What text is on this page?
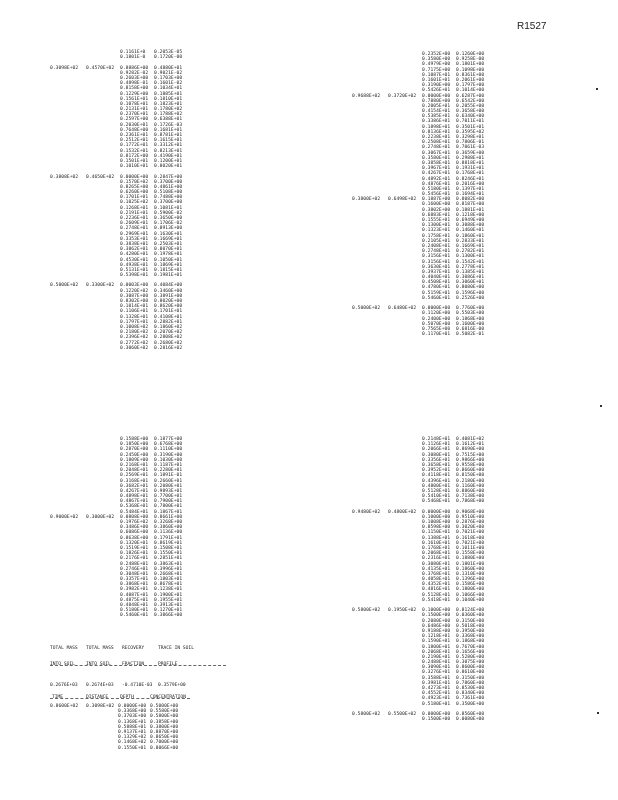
R1527
0.1161E+0	0.2053E-05
0.1801E-0	0.1720E-00
0.3098E+02	0.4570E+02	0.8886E+00	0.4880E+01
0.9282E-02	0.9021E-02
0.2603E+00	0.1703E+00
0.4898E-01	0.1601E-02
0.8158E+00	0.1034E+01
0.1229E+00	0.1885E+01
0.1561E+01	0.1810E+01
0.1078E+01	0.1823E+01
0.2131E+01	0.1780E+02
0.2370E+01	0.1788E+02
0.2597E+00	0.6388E+01
0.2030E+01	0.1726E-03
0.7648E+00	0.1681E+01
0.2361E+01	0.8781E+01
0.2512E+01	0.1615E+01
0.1772E+01	0.3312E+01
0.1532E+01	0.8213E+01
0.8172E+00	0.4190E+01
0.1501E+01	0.1200E+01
0.1010E+01	0.8020E+01
0.3808E+02	0.4650E+02	0.0000E+00	0.2847E+00
0.1570E+02	0.3700E+00
0.8265E+00	0.4861E+00
0.6260E+00	0.5108E+00
0.1701E+01	0.7488E+00
0.1025E+02	0.3700E+00
0.1268E+01	0.1081E+01
0.2191E+01	0.5900E-02
0.2236E+01	0.3650E+00
0.2609E+01	0.1706E-02
0.2748E+01	0.8913E+00
0.2969E+01	0.1630E+01
0.3353E+01	0.1669E+01
0.3838E+01	0.2503E+01
0.3862E+01	0.8070E+01
0.4280E+01	0.1978E+01
0.4530E+01	0.1050E+01
0.4938E+01	0.1869E+01
0.5131E+01	0.1815E+01
0.5398E+01	0.1981E+01
0.5000E+02	0.3300E+02	0.0003E+00	0.4084E+00
0.1220E+02	0.3460E+00
0.3087E+00	0.3891E+00
0.8302E+00	0.8020E+00
0.1014E+01	0.8620E+00
0.1106E+01	0.1701E+01
0.1328E+01	0.4108E+01
0.1797E+01	0.2882E+01
0.1008E+02	0.1860E+02
0.2180E+02	0.2070E+02
0.2396E+02	0.2808E+02
0.2772E+02	0.2680E+02
0.3060E+02	0.2816E+02
0.2352E+00	0.1260E+00
0.3580E+00	0.9258E-00
0.4979E+00	0.1801E+00
0.7175E+00	0.1098E+00
0.1087E+01	0.8361E+00
0.1601E+01	0.2061E+00
0.3190E+00	0.1797E+00
0.5426E+01	0.1014E+00
0.9688E+02	0.3720E+02	0.0000E+00	0.6287E+00
0.7880E+00	0.6542E+00
0.2005E+01	0.2055E+00
0.4154E+01	0.3658E+00
0.5385E+01	0.6340E+00
0.3386E+01	0.7011E+01
0.1898E+01	0.3501E+01
0.8136E+01	0.3595E+02
0.2238E+01	0.3298E+01
0.2508E+01	0.7806E-01
0.2748E+01	0.7061E-03
0.3067E+01	0.3659E+00
0.3580E+01	0.2988E+01
0.3858E+01	0.8818E+01
0.3967E+01	0.1931E+01
0.4267E+01	0.1768E+01
0.4892E+01	0.8246E+01
0.4876E+01	0.2016E+00
0.5180E+01	0.1397E+01
0.5456E+01	0.1694E+01
0.3800E+02	0.6498E+02	0.1887E+00	0.8082E+00
0.1600E+00	0.8187E+00
0.3802E+00	0.1881E+01
0.6883E+01	0.1218E+00
0.1555E+01	0.6949E+00
0.1300E+01	0.3088E+00
0.1323E+01	0.1460E+01
0.1758E+01	0.1860E+01
0.2105E+01	0.2833E+01
0.2408E+01	0.1669E+01
0.2748E+01	0.2782E+01
0.3156E+01	0.1300E+01
0.3156E+01	0.1542E+01
0.3630E+01	0.2778E+01
0.3937E+01	0.1385E+01
0.4040E+01	0.3086E+01
0.4508E+01	0.3060E+01
0.4780E+01	0.8080E+00
0.5159E+01	0.1596E+00
0.5460E+01	0.2526E+00
0.5000E+02	0.6480E+02	0.0000E+00	0.7760E+00
0.1120E+00	0.5503E+00
0.2400E+00	0.1868E+00
0.5070E+00	0.1600E+00
0.7565E+00	0.6816E-00
0.1170E+01	0.5082E-01
0.1588E+00	0.1877E+00
0.1850E+00	0.6768E+00
0.2870E+00	0.1110E+00
0.2450E+00	0.3190E+00
0.1809E+00	0.1030E+00
0.2168E+01	0.1187E+01
0.2048E+01	0.2280E+01
0.2569E+01	0.1891E-01
0.3168E+01	0.2660E+01
0.3682E+01	0.2080E+01
0.4267E+01	0.9893E+01
0.4898E+01	0.7700E+01
0.4867E+01	0.7900E+01
0.5368E+01	0.7800E+01
0.5484E+01	0.1867E+01
0.9000E+02	0.3000E+02	0.0808E+00	0.8661E+00
0.1976E+02	0.3268E+00
0.3486E+00	0.3860E+00
0.6086E+00	0.1136E+00
0.8638E+00	0.1791E+01
0.1320E+01	0.8619E+01
0.1519E+01	0.1508E+01
0.1826E+01	0.1550E+01
0.2176E+01	0.2851E+01
0.2488E+01	0.3863E+01
0.2746E+01	0.3996E+01
0.3048E+01	0.2668E+01
0.3357E+01	0.1803E+01
0.3868E+01	0.8678E+01
0.3982E+01	0.1238E+01
0.4087E+01	0.1900E+01
0.4875E+01	0.1955E+01
0.4848E+01	0.3913E+01
0.5180E+01	0.1270E+01
0.5460E+01	0.3866E+00
0.2148E+01	0.4081E+02
0.1126E+01	0.1612E+01
0.2066E+01	0.8690E+00
0.3080E+01	0.7515E+00
0.3356E+01	0.9866E+00
0.3658E+01	0.9558E+00
0.3952E+01	0.8660E+00
0.4118E+01	0.8150E+00
0.4396E+01	0.2180E+00
0.4800E+01	0.1160E+00
0.5128E+01	0.8860E+00
0.5410E+01	0.7138E+00
0.5468E+01	0.7868E+00
0.9480E+02	0.4800E+02	0.0000E+00	0.9068E+00
0.1000E+00	0.9510E+00
0.1008E+00	0.2876E+00
0.8598E+00	0.3020E+00
0.1150E+01	0.7021E+00
0.1388E+01	0.1618E+00
0.1610E+01	0.7021E+00
0.1768E+01	0.1011E+00
0.2068E+01	0.1558E+00
0.2316E+01	0.1880E+00
0.3080E+01	0.1801E+00
0.4135E+01	0.1860E+00
0.3768E+01	0.1310E+00
0.4058E+01	0.1396E+00
0.4352E+01	0.1586E+00
0.4816E+01	0.1800E+00
0.5128E+01	0.1066E+00
0.5418E+01	0.1040E+00
0.5800E+02	0.1950E+02	0.1000E+00	0.8124E+00
0.1500E+00	0.0360E+00
0.2080E+00	0.3150E+00
0.6486E+00	0.5018E+00
0.9188E+00	0.3950E+00
0.1218E+01	0.3368E+00
0.1590E+01	0.1868E+00
0.1800E+01	0.7670E+00
0.2068E+01	0.1656E+00
0.2190E+01	0.5280E+00
0.2488E+01	0.3075E+00
0.3090E+01	0.8600E+00
0.3276E+01	0.8610E+00
0.3588E+01	0.3150E+00
0.3981E+01	0.7860E+00
0.4273E+01	0.8530E+00
0.4552E+01	0.8340E+00
0.4923E+01	0.7361E+00
0.5180E+01	0.3500E+00
0.5800E+02	0.5500E+02	0.0000E+00	0.8560E+00
0.1500E+00	0.0080E+00

TOTAL MASS	TOTAL MASS	RECOVERY	TRACE IN SOIL

INTO SOIL	INTO SOIL	FRACTION	PROFILE

0.2676E+03	0.2674E+03	-0.4710E-03	0.3579E+00

TIME	DISTANCE	DEPTH	CONCENTRATION

0.8600E+02	0.3098E+02 0.0000E+00 0.5000E+00
0.3368E+00 0.5580E+00
0.3703E+00 0.5800E+00
0.1368E+01 0.3858E+00
0.5888E+01 0.3800E+00
0.9137E+01 0.8870E+00
0.1329E+02 0.8650E+00
0.1468E+02 0.7000E+00
0.1550E+01 0.8066E+00
